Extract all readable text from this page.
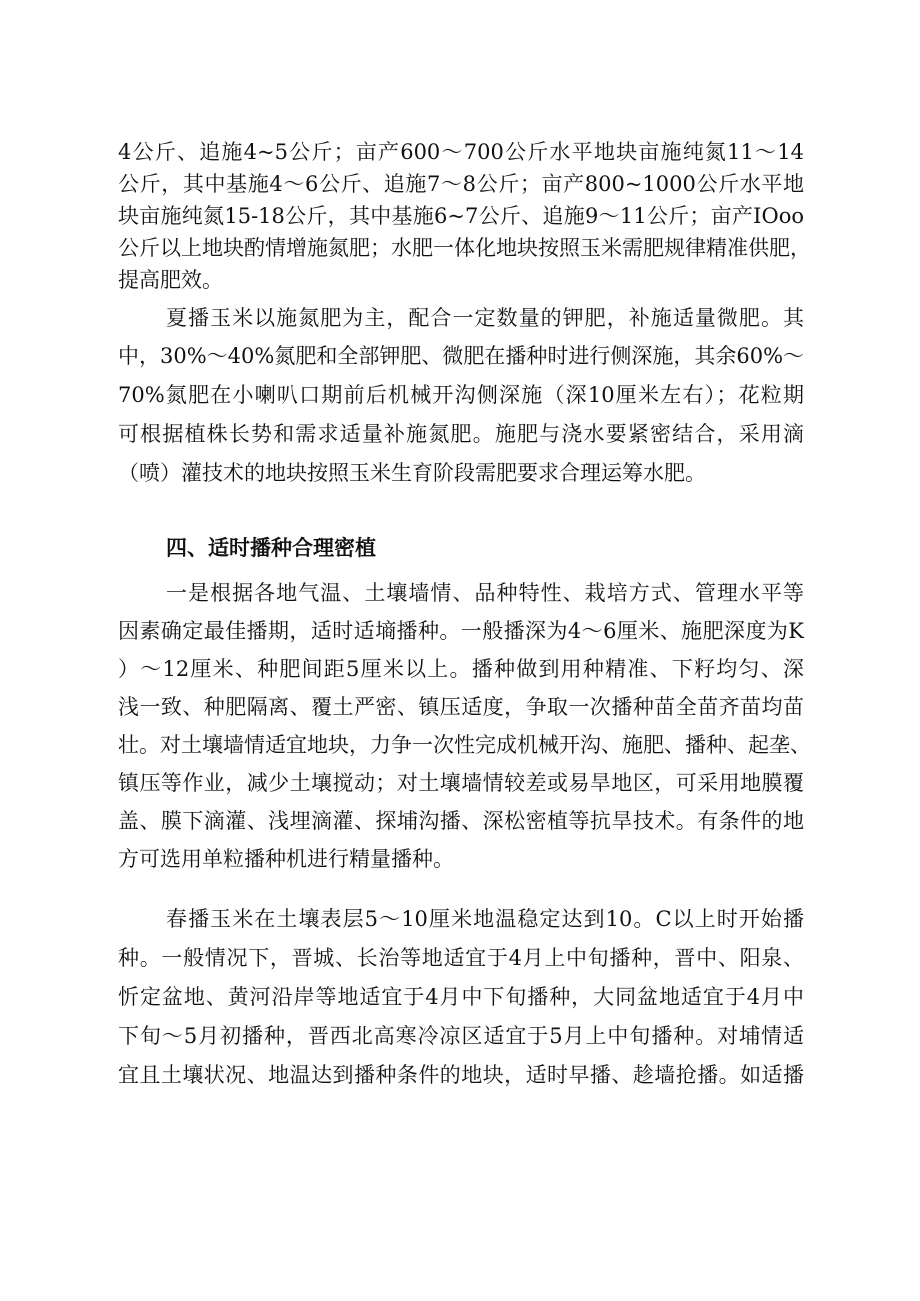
4公斤、追施4~5公斤；亩产600～700公斤水平地块亩施纯氮11～14

公斤，其中基施4～6公斤、追施7～8公斤；亩产800~1000公斤水平地

块亩施纯氮15-18公斤，其中基施6~7公斤、追施9～11公斤；亩产IOoo

公斤以上地块酌情增施氮肥；水肥一体化地块按照玉米需肥规律精准供肥，

提高肥效。

夏播玉米以施氮肥为主，配合一定数量的钾肥，补施适量微肥。其

中，30%～40%氮肥和全部钾肥、微肥在播种时进行侧深施，其余60%～

70%氮肥在小喇叭口期前后机械开沟侧深施（深10厘米左右）；花粒期

可根据植株长势和需求适量补施氮肥。施肥与浇水要紧密结合，采用滴

（喷）灌技术的地块按照玉米生育阶段需肥要求合理运筹水肥。

四、适时播种合理密植

一是根据各地气温、土壤墙情、品种特性、栽培方式、管理水平等

因素确定最佳播期，适时适墒播种。一般播深为4～6厘米、施肥深度为K

）～12厘米、种肥间距5厘米以上。播种做到用种精准、下籽均匀、深

浅一致、种肥隔离、覆土严密、镇压适度，争取一次播种苗全苗齐苗均苗

壮。对土壤墙情适宜地块，力争一次性完成机械开沟、施肥、播种、起垄、

镇压等作业，减少土壤搅动；对土壤墙情较差或易旱地区，可采用地膜覆

盖、膜下滴灌、浅埋滴灌、探埔沟播、深松密植等抗旱技术。有条件的地

方可选用单粒播种机进行精量播种。

春播玉米在土壤表层5～10厘米地温稳定达到10。C以上时开始播

种。一般情况下，晋城、长治等地适宜于4月上中旬播种，晋中、阳泉、

忻定盆地、黄河沿岸等地适宜于4月中下旬播种，大同盆地适宜于4月中

下旬～5月初播种，晋西北高寒冷凉区适宜于5月上中旬播种。对埔情适

宜且土壤状况、地温达到播种条件的地块，适时早播、趁墙抢播。如适播
